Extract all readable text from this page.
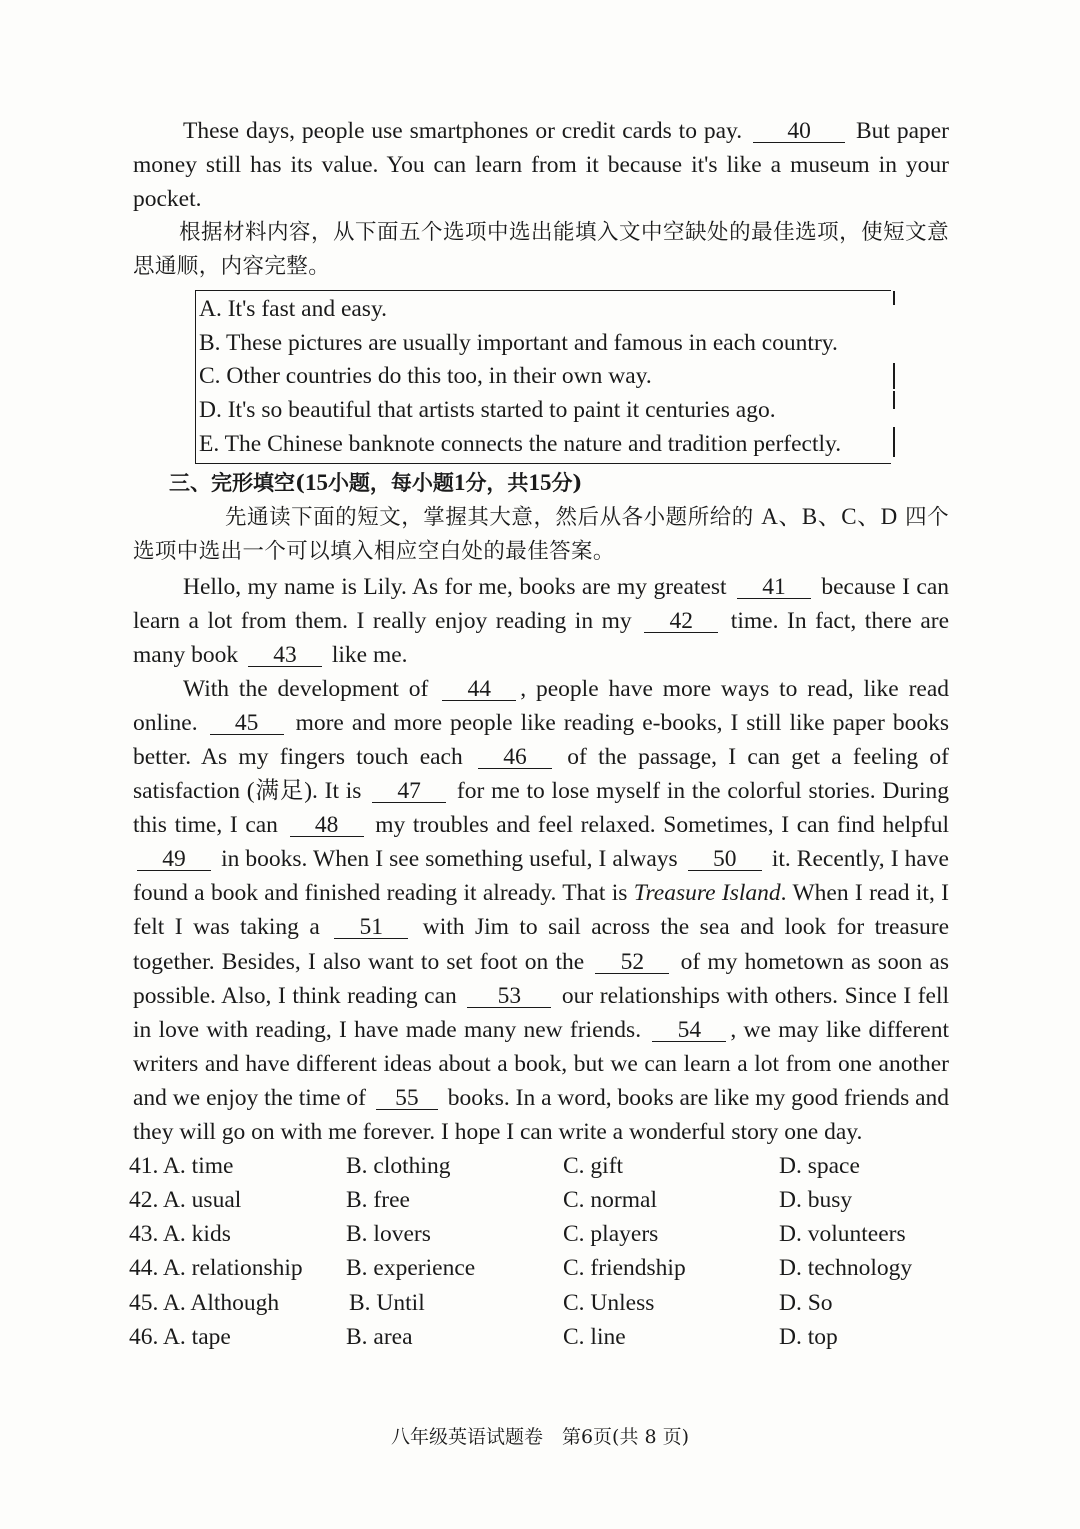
These days, people use smartphones or credit cards to pay. 40 But paper money still has its value. You can learn from it because it's like a museum in your pocket.

根据材料内容，从下面五个选项中选出能填入文中空缺处的最佳选项，使短文意思通顺，内容完整。

A. It's fast and easy.
B. These pictures are usually important and famous in each country.
C. Other countries do this too, in their own way.
D. It's so beautiful that artists started to paint it centuries ago.
E. The Chinese banknote connects the nature and tradition perfectly.
三、完形填空(15小题，每小题1分，共15分)

先通读下面的短文，掌握其大意，然后从各小题所给的 A、B、C、D 四个选项中选出一个可以填入相应空白处的最佳答案。

Hello, my name is Lily. As for me, books are my greatest 41 because I can learn a lot from them. I really enjoy reading in my 42 time. In fact, there are many book 43 like me.

With the development of 44 , people have more ways to read, like read online. 45 more and more people like reading e-books, I still like paper books better. As my fingers touch each 46 of the passage, I can get a feeling of satisfaction (满足). It is 47 for me to lose myself in the colorful stories. During this time, I can 48 my troubles and feel relaxed. Sometimes, I can find helpful 49 in books. When I see something useful, I always 50 it. Recently, I have found a book and finished reading it already. That is Treasure Island. When I read it, I felt I was taking a 51 with Jim to sail across the sea and look for treasure together. Besides, I also want to set foot on the 52 of my hometown as soon as possible. Also, I think reading can 53 our relationships with others. Since I fell in love with reading, I have made many new friends. 54 , we may like different writers and have different ideas about a book, but we can learn a lot from one another and we enjoy the time of 55 books. In a word, books are like my good friends and they will go on with me forever. I hope I can write a wonderful story one day.

41. A. time	B. clothing	C. gift	D. space
42. A. usual	B. free	C. normal	D. busy
43. A. kids	B. lovers	C. players	D. volunteers
44. A. relationship	B. experience	C. friendship	D. technology
45. A. Although	B. Until	C. Unless	D. So
46. A. tape	B. area	C. line	D. top
八年级英语试题卷　第6页(共 8 页)
